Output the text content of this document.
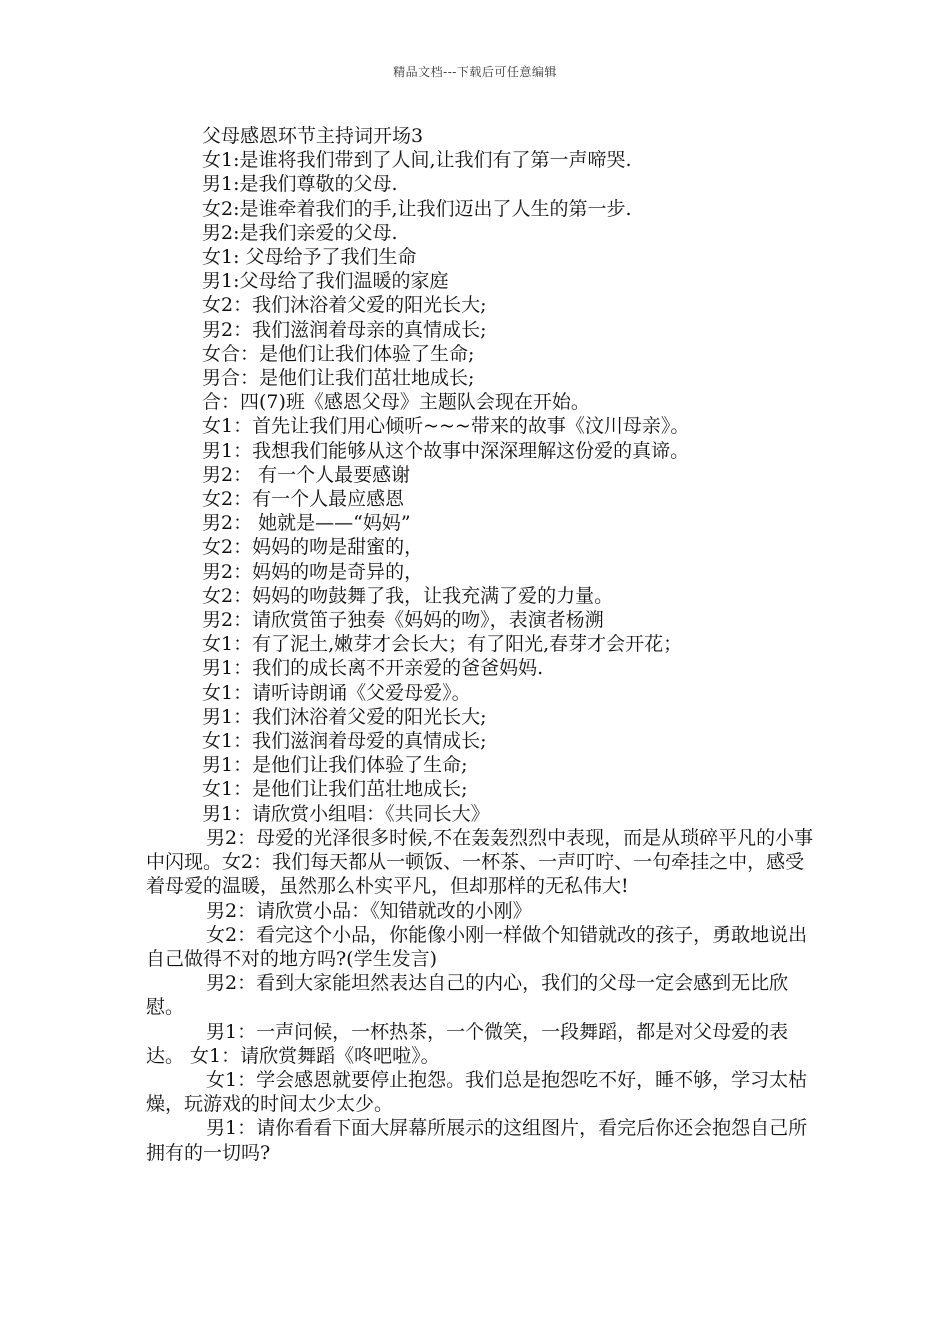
精品文档---下载后可任意编辑
父母感恩环节主持词开场3
女1:是谁将我们带到了人间,让我们有了第一声啼哭.
男1:是我们尊敬的父母.
女2:是谁牵着我们的手,让我们迈出了人生的第一步.
男2:是我们亲爱的父母.
女1: 父母给予了我们生命
男1:父母给了我们温暖的家庭
女2：我们沐浴着父爱的阳光长大;
男2：我们滋润着母亲的真情成长;
女合：是他们让我们体验了生命;
男合：是他们让我们茁壮地成长;
合：四(7)班《感恩父母》主题队会现在开始。
女1：首先让我们用心倾听~~~带来的故事《汶川母亲》。
男1：我想我们能够从这个故事中深深理解这份爱的真谛。
男2： 有一个人最要感谢
女2：有一个人最应感恩
男2： 她就是——“妈妈”
女2：妈妈的吻是甜蜜的，
男2：妈妈的吻是奇异的，
女2：妈妈的吻鼓舞了我，让我充满了爱的力量。
男2：请欣赏笛子独奏《妈妈的吻》，表演者杨溯
女1：有了泥土,嫩芽才会长大；有了阳光,春芽才会开花；
男1：我们的成长离不开亲爱的爸爸妈妈.
女1：请听诗朗诵《父爱母爱》。
男1：我们沐浴着父爱的阳光长大;
女1：我们滋润着母爱的真情成长;
男1：是他们让我们体验了生命;
女1：是他们让我们茁壮地成长;
男1：请欣赏小组唱：《共同长大》
男2：母爱的光泽很多时候,不在轰轰烈烈中表现，而是从琐碎平凡的小事中闪现。女2：我们每天都从一顿饭、一杯茶、一声叮咛、一句牵挂之中，感受着母爱的温暖，虽然那么朴实平凡，但却那样的无私伟大!
男2：请欣赏小品：《知错就改的小刚》
女2：看完这个小品，你能像小刚一样做个知错就改的孩子，勇敢地说出自己做得不对的地方吗?(学生发言)
男2：看到大家能坦然表达自己的内心，我们的父母一定会感到无比欣慰。
男1：一声问候，一杯热茶，一个微笑，一段舞蹈，都是对父母爱的表达。 女1：请欣赏舞蹈《咚吧啦》。
女1：学会感恩就要停止抱怨。我们总是抱怨吃不好，睡不够，学习太枯燥，玩游戏的时间太少太少。
男1：请你看看下面大屏幕所展示的这组图片，看完后你还会抱怨自己所拥有的一切吗?
